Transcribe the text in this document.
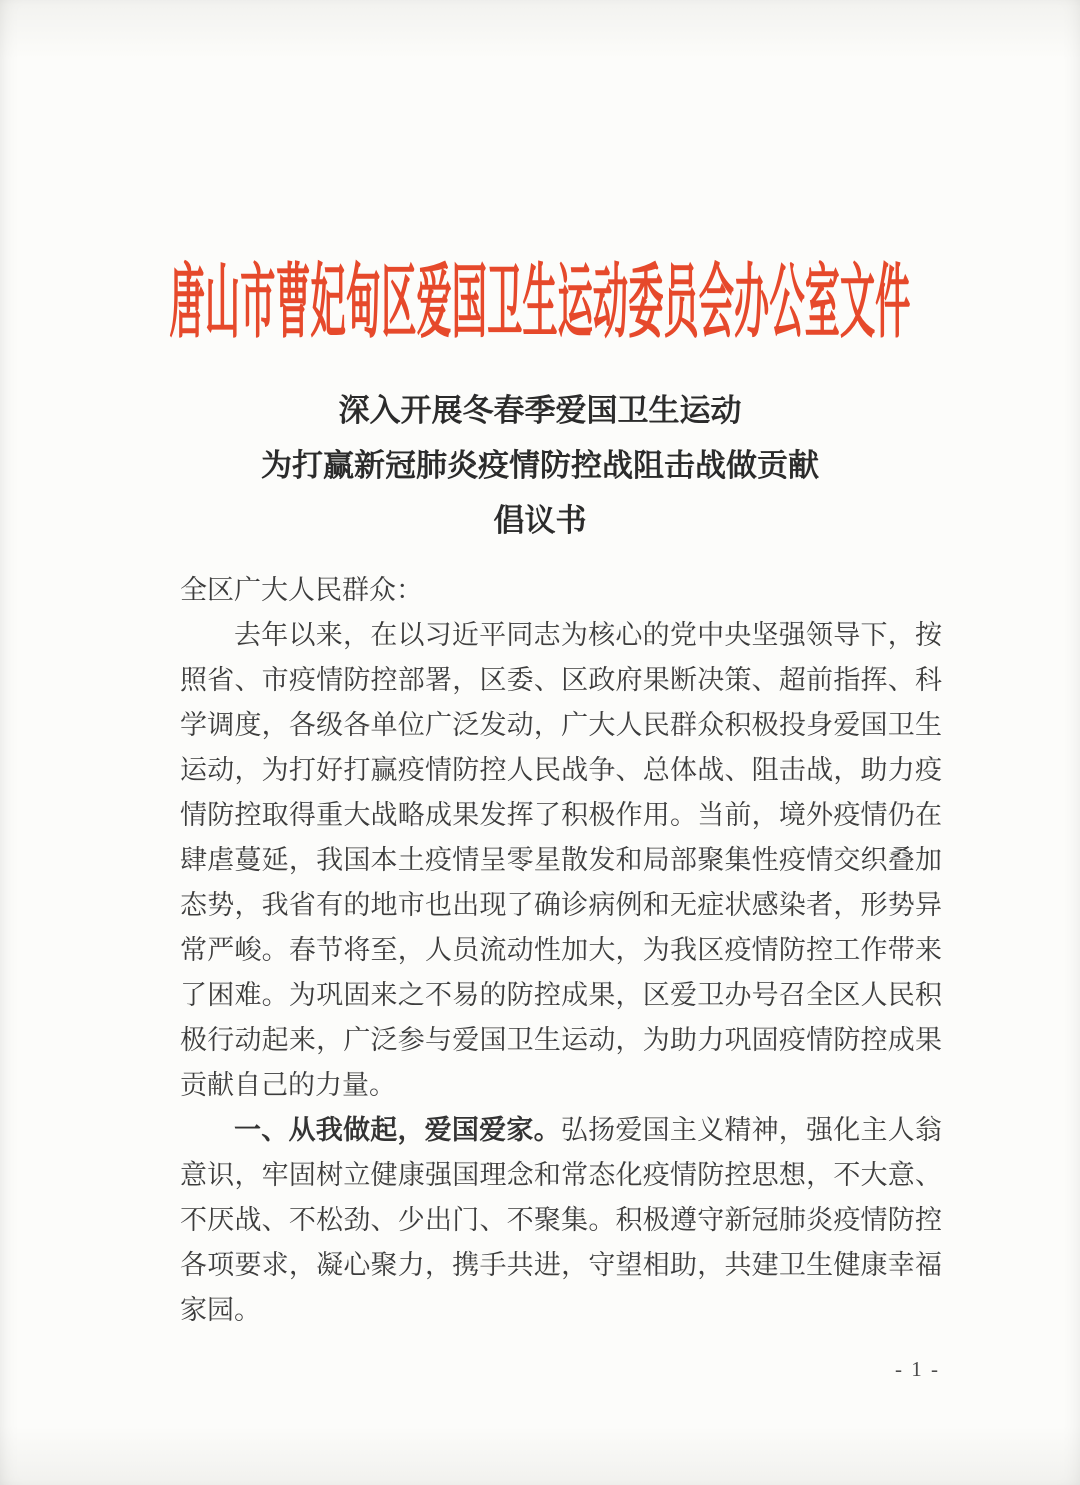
唐山市曹妃甸区爱国卫生运动委员会办公室文件
深入开展冬春季爱国卫生运动
为打赢新冠肺炎疫情防控战阻击战做贡献
倡议书

全区广大人民群众：

去年以来，在以习近平同志为核心的党中央坚强领导下，按照省、市疫情防控部署，区委、区政府果断决策、超前指挥、科学调度，各级各单位广泛发动，广大人民群众积极投身爱国卫生运动，为打好打赢疫情防控人民战争、总体战、阻击战，助力疫情防控取得重大战略成果发挥了积极作用。当前，境外疫情仍在肆虐蔓延，我国本土疫情呈零星散发和局部聚集性疫情交织叠加态势，我省有的地市也出现了确诊病例和无症状感染者，形势异常严峻。春节将至，人员流动性加大，为我区疫情防控工作带来了困难。为巩固来之不易的防控成果，区爱卫办号召全区人民积极行动起来，广泛参与爱国卫生运动，为助力巩固疫情防控成果贡献自己的力量。

一、从我做起，爱国爱家。弘扬爱国主义精神，强化主人翁意识，牢固树立健康强国理念和常态化疫情防控思想，不大意、不厌战、不松劲、少出门、不聚集。积极遵守新冠肺炎疫情防控各项要求，凝心聚力，携手共进，守望相助，共建卫生健康幸福家园。

- 1 -
